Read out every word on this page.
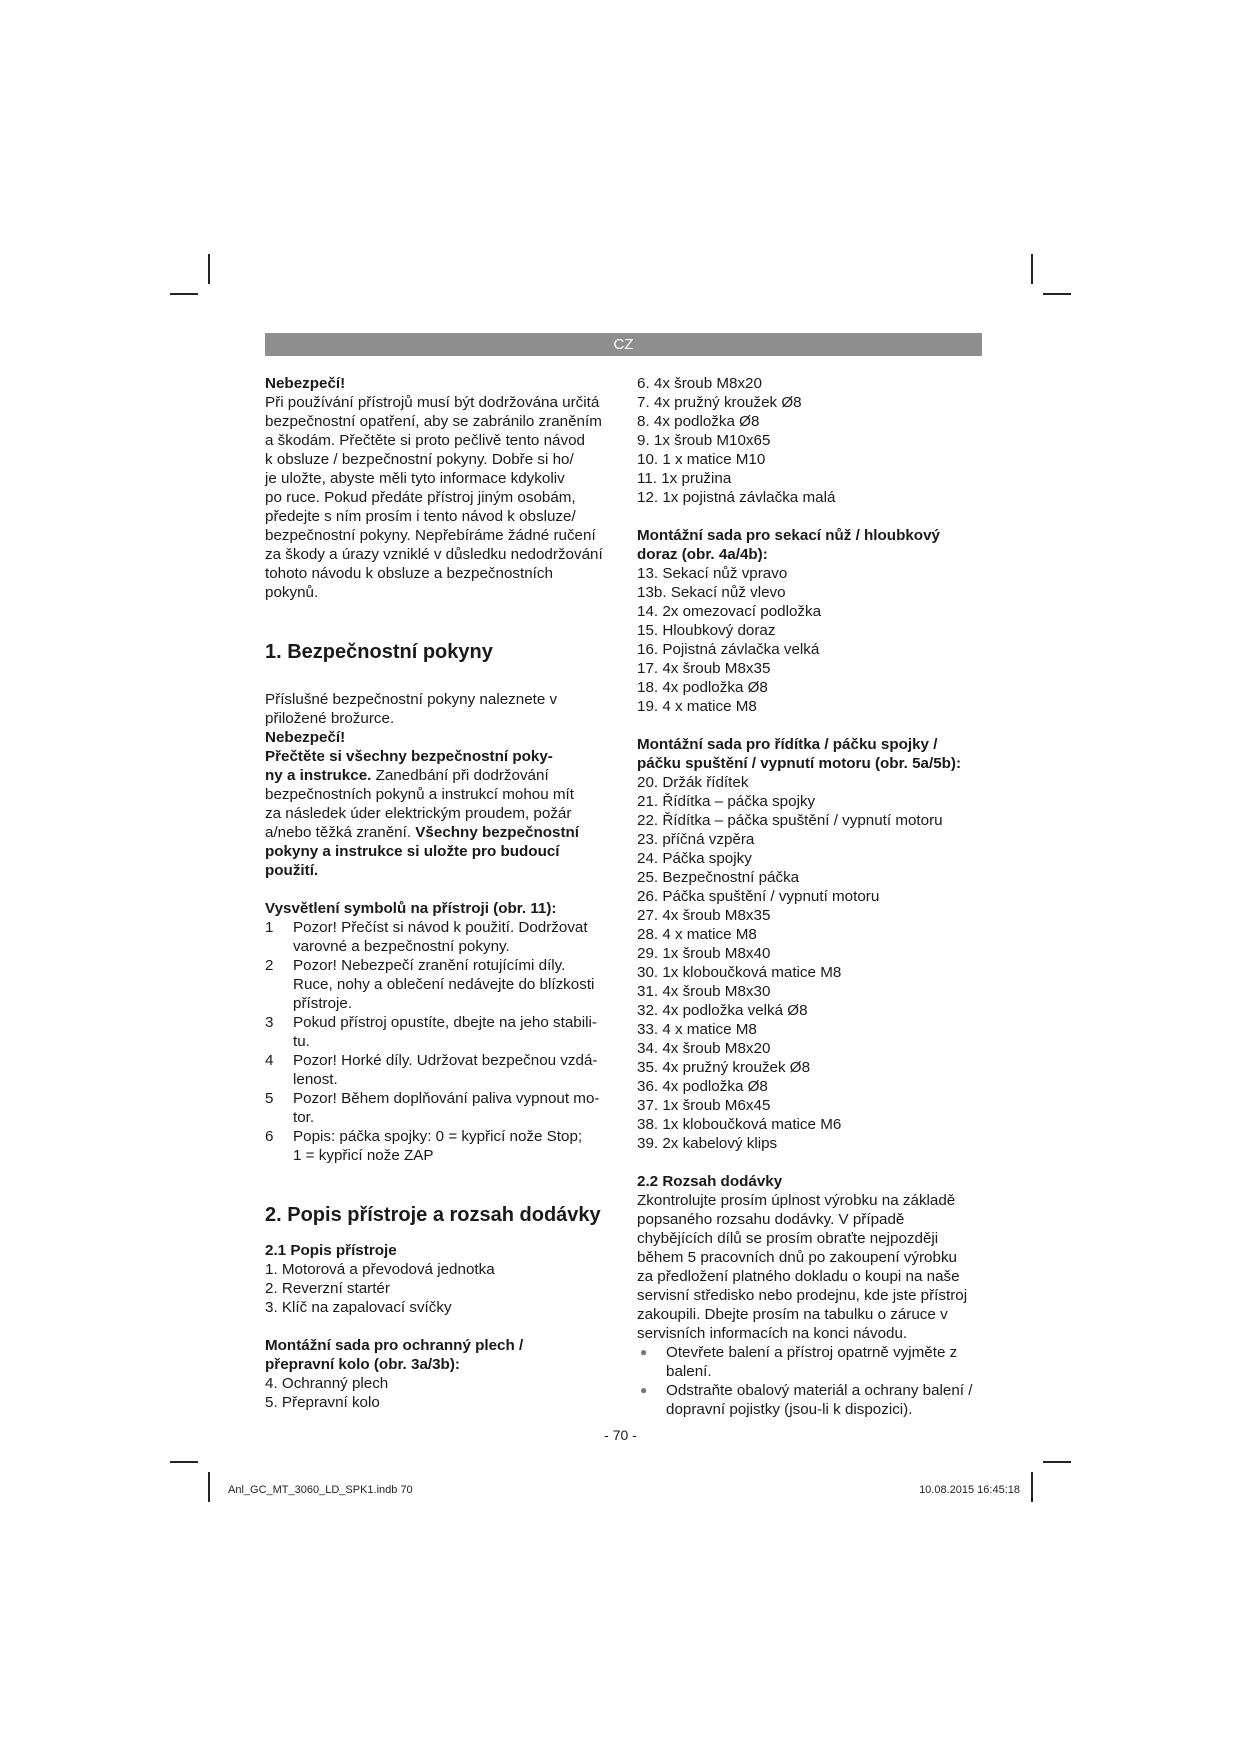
CZ

Nebezpečí!

Při používání přístrojů musí být dodržována určitá

bezpečnostní opatření, aby se zabránilo zraněním

a škodám. Přečtěte si proto pečlivě tento návod

k obsluze / bezpečnostní pokyny. Dobře si ho/

je uložte, abyste měli tyto informace kdykoliv

po ruce. Pokud předáte přístroj jiným osobám,

předejte s ním prosím i tento návod k obsluze/

bezpečnostní pokyny. Nepřebíráme žádné ručení

za škody a úrazy vzniklé v důsledku nedodržování

tohoto návodu k obsluze a bezpečnostních

pokynů.

1. Bezpečnostní pokyny

Příslušné bezpečnostní pokyny naleznete v

přiložené brožurce.

Nebezpečí!

Přečtěte si všechny bezpečnostní poky-

ny a instrukce. Zanedbání při dodržování

bezpečnostních pokynů a instrukcí mohou mít

za následek úder elektrickým proudem, požár

a/nebo těžká zranění. Všechny bezpečnostní

pokyny a instrukce si uložte pro budoucí

použití.

Vysvětlení symbolů na přístroji (obr. 11):

1 Pozor! Přečíst si návod k použití. Dodržovat
varovné a bezpečnostní pokyny.
2 Pozor! Nebezpečí zranění rotujícími díly.
Ruce, nohy a oblečení nedávejte do blízkosti
přístroje.
3 Pokud přístroj opustíte, dbejte na jeho stabili-
tu.
4 Pozor! Horké díly. Udržovat bezpečnou vzdá-
lenost.
5 Pozor! Během doplňování paliva vypnout mo-
tor.
6 Popis: páčka spojky: 0 = kypřicí nože Stop;
1 = kypřicí nože ZAP
2. Popis přístroje a rozsah dodávky

2.1 Popis přístroje

1. Motorová a převodová jednotka

2. Reverzní startér

3. Klíč na zapalovací svíčky

Montážní sada pro ochranný plech /

přepravní kolo (obr. 3a/3b):

4. Ochranný plech

5. Přepravní kolo

6. 4x šroub M8x20

7. 4x pružný kroužek Ø8

8. 4x podložka Ø8

9. 1x šroub M10x65

10. 1 x matice M10

11. 1x pružina

12. 1x pojistná závlačka malá

Montážní sada pro sekací nůž / hloubkový

doraz (obr. 4a/4b):

13. Sekací nůž vpravo

13b. Sekací nůž vlevo

14. 2x omezovací podložka

15. Hloubkový doraz

16. Pojistná závlačka velká

17. 4x šroub M8x35

18. 4x podložka Ø8

19. 4 x matice M8

Montážní sada pro řídítka / páčku spojky /

páčku spuštění / vypnutí motoru (obr. 5a/5b):

20. Držák řídítek

21. Řídítka – páčka spojky

22. Řídítka – páčka spuštění / vypnutí motoru

23. příčná vzpěra

24. Páčka spojky

25. Bezpečnostní páčka

26. Páčka spuštění / vypnutí motoru

27. 4x šroub M8x35

28. 4 x matice M8

29. 1x šroub M8x40

30. 1x kloboučková matice M8

31. 4x šroub M8x30

32. 4x podložka velká Ø8

33. 4 x matice M8

34. 4x šroub M8x20

35. 4x pružný kroužek Ø8

36. 4x podložka Ø8

37. 1x šroub M6x45

38. 1x kloboučková matice M6

39. 2x kabelový klips

2.2 Rozsah dodávky

Zkontrolujte prosím úplnost výrobku na základě

popsaného rozsahu dodávky. V případě

chybějících dílů se prosím obraťte nejpozději

během 5 pracovních dnů po zakoupení výrobku

za předložení platného dokladu o koupi na naše

servisní středisko nebo prodejnu, kde jste přístroj

zakoupili. Dbejte prosím na tabulku o záruce v

servisních informacích na konci návodu.

● Otevřete balení a přístroj opatrně vyjměte z
balení.
● Odstraňte obalový materiál a ochrany balení /
dopravní pojistky (jsou-li k dispozici).
- 70 -
Anl_GC_MT_3060_LD_SPK1.indb 70	10.08.2015 16:45:18
